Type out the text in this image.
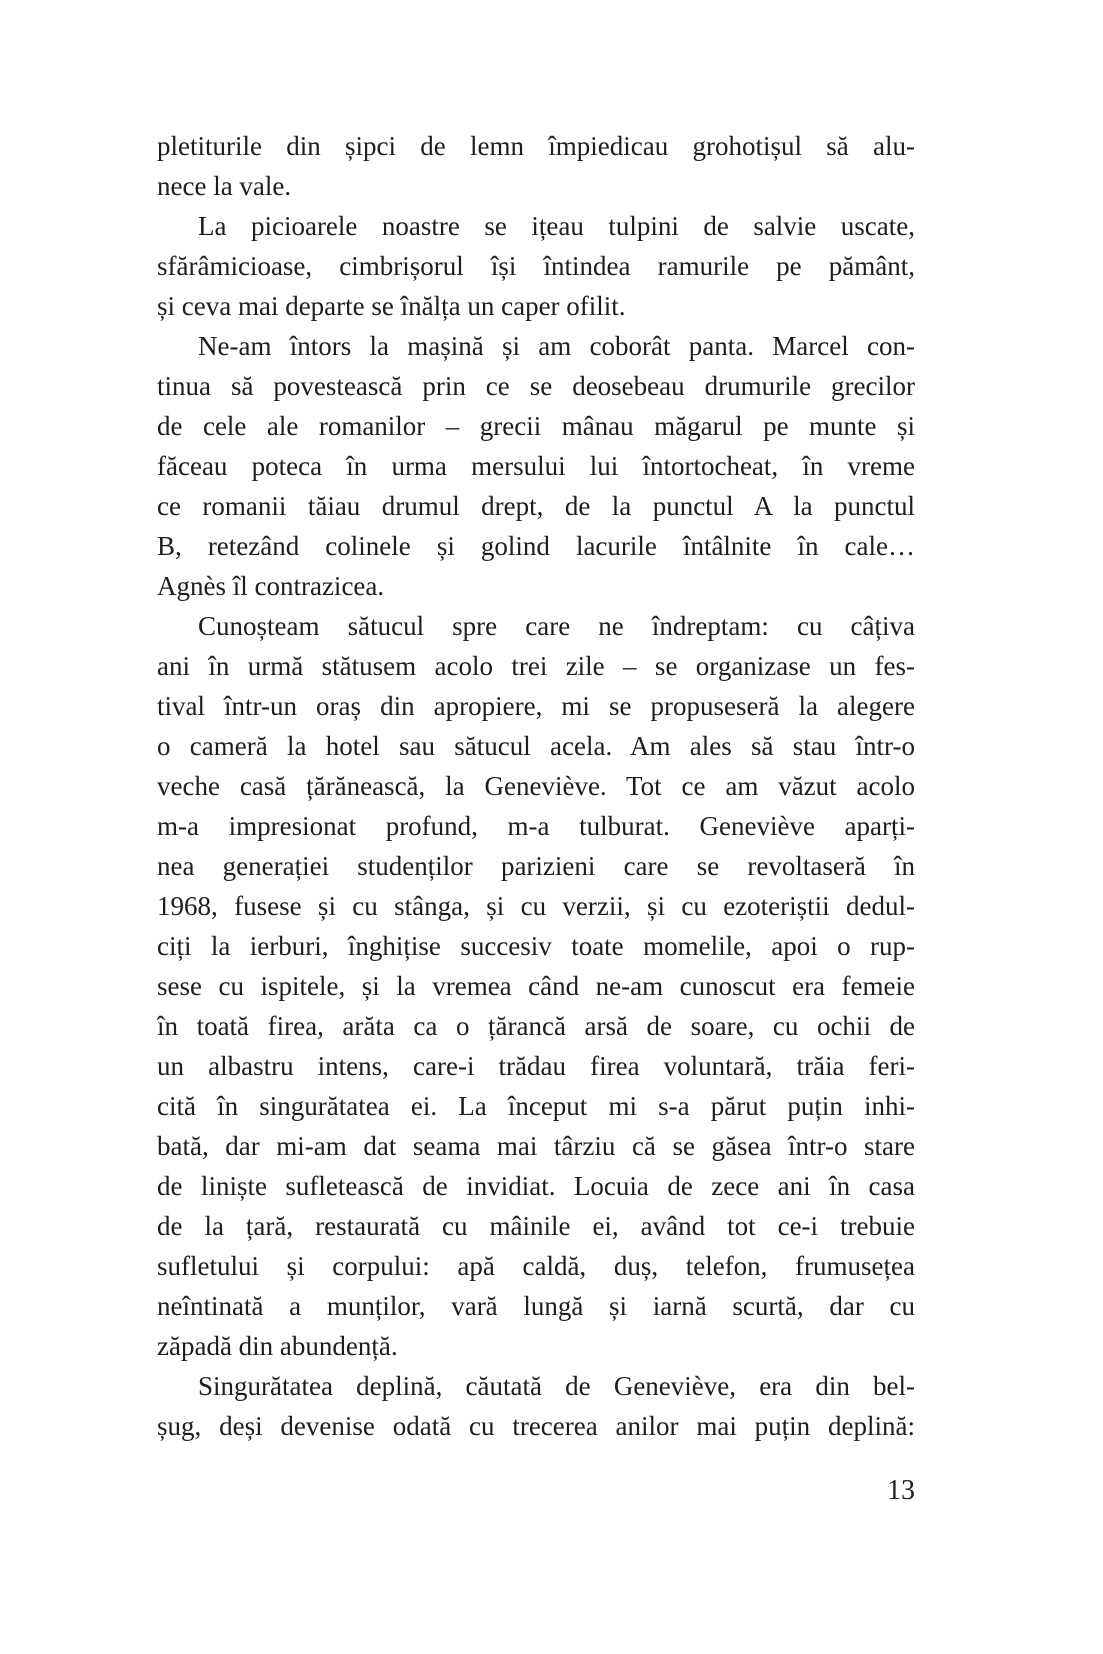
pletiturile din șipci de lemn împiedicau grohotișul să alu-
nece la vale.
La picioarele noastre se ițeau tulpini de salvie uscate,
sfărâmicioase, cimbrișorul își întindea ramurile pe pământ,
și ceva mai departe se înălța un caper ofilit.
Ne-am întors la mașină și am coborât panta. Marcel con-
tinua să povestească prin ce se deosebeau drumurile grecilor
de cele ale romanilor – grecii mânau măgarul pe munte și
făceau poteca în urma mersului lui întortocheat, în vreme
ce romanii tăiau drumul drept, de la punctul A la punctul
B, retezând colinele și golind lacurile întâlnite în cale…
Agnès îl contrazicea.
Cunoșteam sătucul spre care ne îndreptam: cu câțiva
ani în urmă stătusem acolo trei zile – se organizase un fes-
tival într-un oraș din apropiere, mi se propuseseră la alegere
o cameră la hotel sau sătucul acela. Am ales să stau într-o
veche casă țărănească, la Geneviève. Tot ce am văzut acolo
m-a impresionat profund, m-a tulburat. Geneviève aparți-
nea generației studenților parizieni care se revoltaseră în
1968, fusese și cu stânga, și cu verzii, și cu ezoteriștii dedul-
ciți la ierburi, înghițise succesiv toate momelile, apoi o rup-
sese cu ispitele, și la vremea când ne-am cunoscut era femeie
în toată firea, arăta ca o țărancă arsă de soare, cu ochii de
un albastru intens, care-i trădau firea voluntară, trăia feri-
cită în singurătatea ei. La început mi s-a părut puțin inhi-
bată, dar mi-am dat seama mai târziu că se găsea într-o stare
de liniște sufletească de invidiat. Locuia de zece ani în casa
de la țară, restaurată cu mâinile ei, având tot ce-i trebuie
sufletului și corpului: apă caldă, duș, telefon, frumusețea
neîntinată a munților, vară lungă și iarnă scurtă, dar cu
zăpadă din abundență.
Singurătatea deplină, căutată de Geneviève, era din bel-
șug, deși devenise odată cu trecerea anilor mai puțin deplină:
13
